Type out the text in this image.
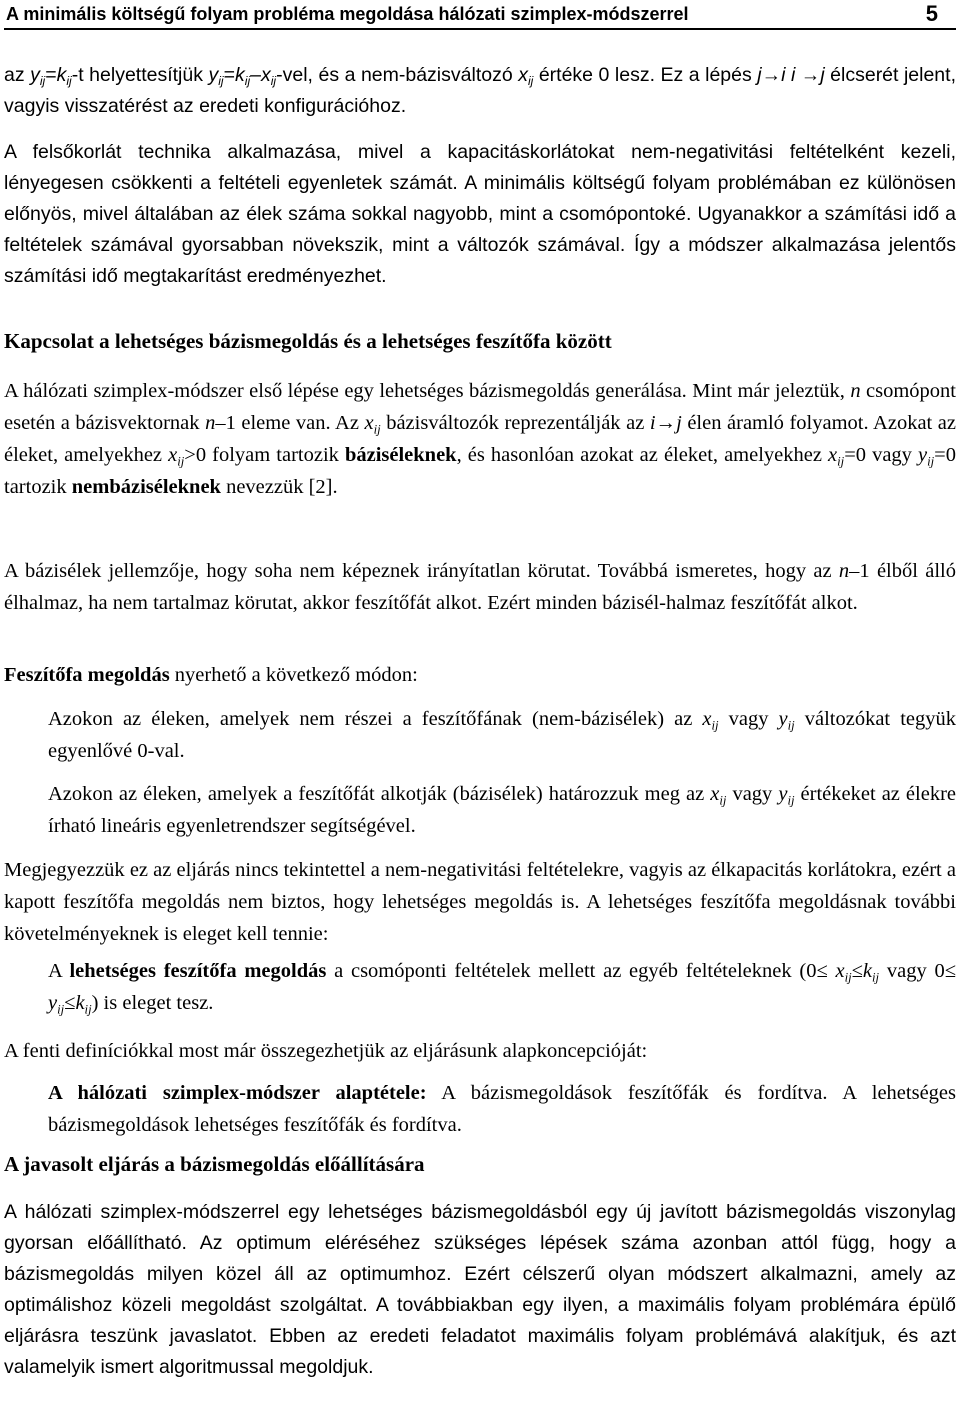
A minimális költségű folyam probléma megoldása hálózati szimplex-módszerrel	5

az $y_{ij}=k_{ij}-t$ helyettesítjük $y_{ij}=k_{ij}-x_{ij}$-vel, és a nem-bázisváltozó $x_{ij}$ értéke 0 lesz. Ez a lépés j→i i →j élcserét jelent, vagyis visszatérést az eredeti konfigurációhoz.

A felsőkorlát technika alkalmazása, mivel a kapacitáskorlátokat nem-negativitási feltételként kezeli, lényegesen csökkenti a feltételi egyenletek számát. A minimális költségű folyam problémában ez különösen előnyös, mivel általában az élek száma sokkal nagyobb, mint a csomópontoké. Ugyanakkor a számítási idő a feltételek számával gyorsabban növekszik, mint a változók számával. Így a módszer alkalmazása jelentős számítási idő megtakarítást eredményezhet.

Kapcsolat a lehetséges bázismegoldás és a lehetséges feszítőfa között

A hálózati szimplex-módszer első lépése egy lehetséges bázismegoldás generálása. Mint már jeleztük, n csomópont esetén a bázisvektornak n–1 eleme van. Az $x_{ij}$ bázisváltozók reprezentálják az i→j élen áramló folyamot. Azokat az éleket, amelyekhez $x_{ij}>0$ folyam tartozik báziséleknek, és hasonlóan azokat az éleket, amelyekhez $x_{ij}=0$ vagy $y_{ij}=0$ tartozik nembáziséleknek nevezzük [2].

A bázisélek jellemzője, hogy soha nem képeznek irányítatlan körutat. Továbbá ismeretes, hogy az n–1 élből álló élhalmaz, ha nem tartalmaz körutat, akkor feszítőfát alkot. Ezért minden bázisél-halmaz feszítőfát alkot.

Feszítőfa megoldás nyerhető a következő módon:

Azokon az éleken, amelyek nem részei a feszítőfának (nem-bázisélek) az $x_{ij}$ vagy $y_{ij}$ változókat tegyük egyenlővé 0-val.

Azokon az éleken, amelyek a feszítőfát alkotják (bázisélek) határozzuk meg az $x_{ij}$ vagy $y_{ij}$ értékeket az élekre írható lineáris egyenletrendszer segítségével.

Megjegyezzük ez az eljárás nincs tekintettel a nem-negativitási feltételekre, vagyis az élkapacitás korlátokra, ezért a kapott feszítőfa megoldás nem biztos, hogy lehetséges megoldás is. A lehetséges feszítőfa megoldásnak további követelményeknek is eleget kell tennie:

A lehetséges feszítőfa megoldás a csomóponti feltételek mellett az egyéb feltételeknek ($0\le x_{ij}\le k_{ij}$ vagy $0\le y_{ij}\le k_{ij}$) is eleget tesz.

A fenti definíciókkal most már összegezhetjük az eljárásunk alapkoncepcióját:

A hálózati szimplex-módszer alaptétele: A bázismegoldások feszítőfák és fordítva. A lehetséges bázismegoldások lehetséges feszítőfák és fordítva.

A javasolt eljárás a bázismegoldás előállítására

A hálózati szimplex-módszerrel egy lehetséges bázismegoldásból egy új javított bázismegoldás viszonylag gyorsan előállítható. Az optimum eléréséhez szükséges lépések száma azonban attól függ, hogy a bázismegoldás milyen közel áll az optimumhoz. Ezért célszerű olyan módszert alkalmazni, amely az optimálishoz közeli megoldást szolgáltat. A továbbiakban egy ilyen, a maximális folyam problémára épülő eljárásra teszünk javaslatot. Ebben az eredeti feladatot maximális folyam problémává alakítjuk, és azt valamelyik ismert algoritmussal megoldjuk.
